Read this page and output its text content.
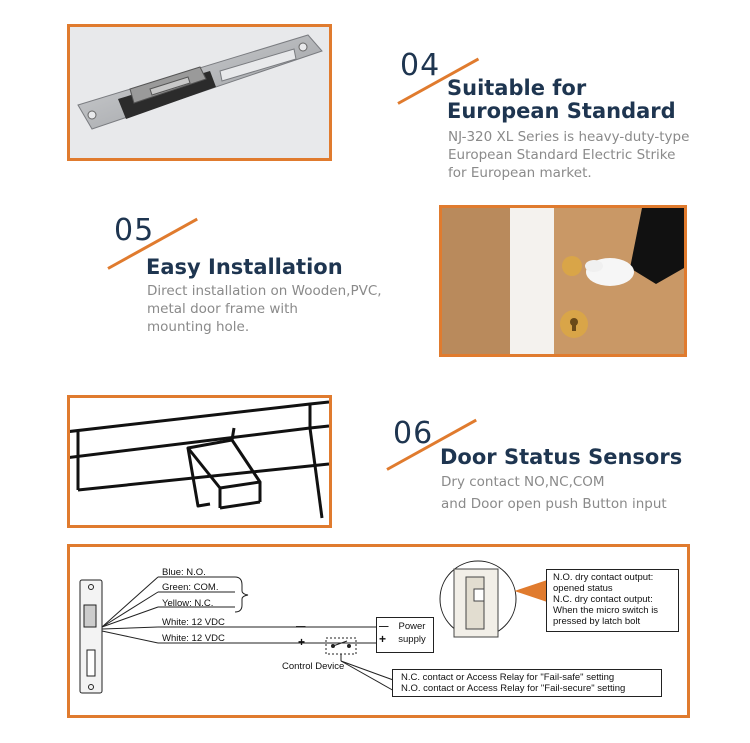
04
Suitable for
European Standard
NJ-320 XL Series is heavy-duty-type
European Standard Electric Strike
for European market.
05
Easy Installation
Direct installation on Wooden,PVC,
metal door frame with
mounting hole.
06
Door Status Sensors
Dry contact NO,NC,COM
and Door open push Button input
Blue: N.O.
Green: COM.
Yellow: N.C.
White: 12 VDC
White: 12 VDC
—
+
—	Power
+	supply
Control Device
N.O. dry contact output:
opened status
N.C. dry contact output:
When the micro switch is
pressed by latch bolt
N.C. contact or Access Relay for "Fail-safe" setting
N.O. contact or Access Relay for "Fail-secure" setting
